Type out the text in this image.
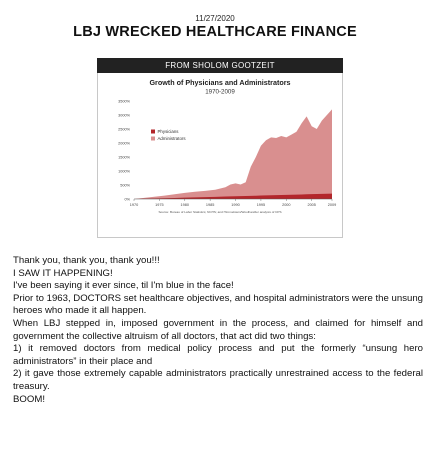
11/27/2020
LBJ WRECKED HEALTHCARE FINANCE
FROM SHOLOM GOOTZEIT
Growth of Physicians and Administrators
1970-2009
0%
500%
1000%
1500%
2000%
2500%
3000%
3500%
1970	1975	1980	1985	1990	1995	2000	2005	2009
Physicians
Administrators
Source: Bureau of Labor Statistics; NCHS; and Himmelstein/Woolhandler analysis of CPS

Thank you, thank you, thank you!!!

I SAW IT HAPPENING!

I've been saying it ever since, til I'm blue in the face!

Prior to 1963, DOCTORS set healthcare objectives, and hospital administrators were the unsung heroes who made it all happen.

When LBJ stepped in, imposed government in the process, and claimed for himself and government the collective altruism of all doctors, that act did two things:

1) it removed doctors from medical policy process and put the formerly “unsung hero administrators” in their place and

2) it gave those extremely capable administrators practically unrestrained access to the federal treasury.

BOOM!
